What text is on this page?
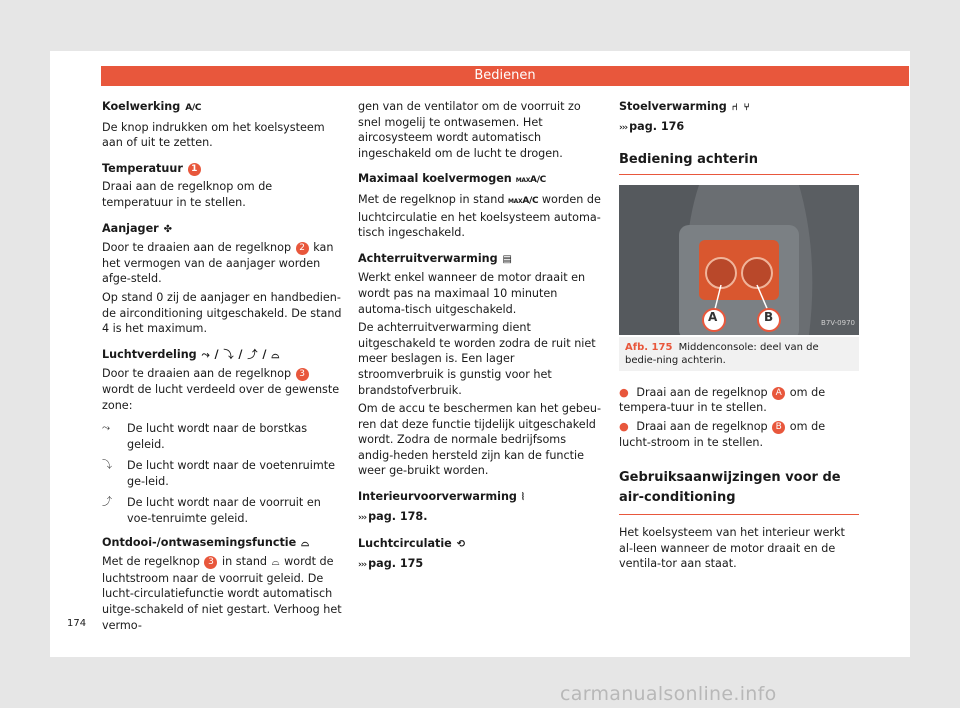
Bedienen
Koelwerking A/C

De knop indrukken om het koelsysteem aan of uit te zetten.

Temperatuur 1

Draai aan de regelknop om de temperatuur in te stellen.

Aanjager ✤

Door te draaien aan de regelknop 2 kan het vermogen van de aanjager worden afge-steld.

Op stand 0 zij de aanjager en handbedien-de airconditioning uitgeschakeld. De stand 4 is het maximum.

Luchtverdeling ⤳ / ⤵ / ⤴ / ⌓

Door te draaien aan de regelknop 3 wordt de lucht verdeeld over de gewenste zone:

⤳	De lucht wordt naar de borstkas geleid.
⤵	De lucht wordt naar de voetenruimte ge-leid.
⤴	De lucht wordt naar de voorruit en voe-tenruimte geleid.
Ontdooi-/ontwasemingsfunctie ⌓

Met de regelknop 3 in stand ⌓ wordt de luchtstroom naar de voorruit geleid. De lucht-circulatiefunctie wordt automatisch uitge-schakeld of niet gestart. Verhoog het vermo-

gen van de ventilator om de voorruit zo snel mogelij te ontwasemen. Het aircosysteem wordt automatisch ingeschakeld om de lucht te drogen.

Maximaal koelvermogen MAXA/C

Met de regelknop in stand MAXA/C worden de luchtcirculatie en het koelsysteem automa-tisch ingeschakeld.

Achterruitverwarming ▤

Werkt enkel wanneer de motor draait en wordt pas na maximaal 10 minuten automa-tisch uitgeschakeld.

De achterruitverwarming dient uitgeschakeld te worden zodra de ruit niet meer beslagen is. Een lager stroomverbruik is gunstig voor het brandstofverbruik.

Om de accu te beschermen kan het gebeu-ren dat deze functie tijdelijk uitgeschakeld wordt. Zodra de normale bedrijfsoms andig-heden hersteld zijn kan de functie weer ge-bruikt worden.

Interieurvoorverwarming ⦚

››› pag. 178.

Luchtcirculatie ⟲

››› pag. 175

Stoelverwarming ⑁ ⑂

››› pag. 176

Bediening achterin
A	B	B7V-0970
Afb. 175 Middenconsole: deel van de bedie-ning achterin.

● Draai aan de regelknop A om de tempera-tuur in te stellen.

● Draai aan de regelknop B om de lucht-stroom in te stellen.

Gebruiksaanwijzingen voor de air-conditioning

Het koelsysteem van het interieur werkt al-leen wanneer de motor draait en de ventila-tor aan staat.

174
carmanualsonline.info
